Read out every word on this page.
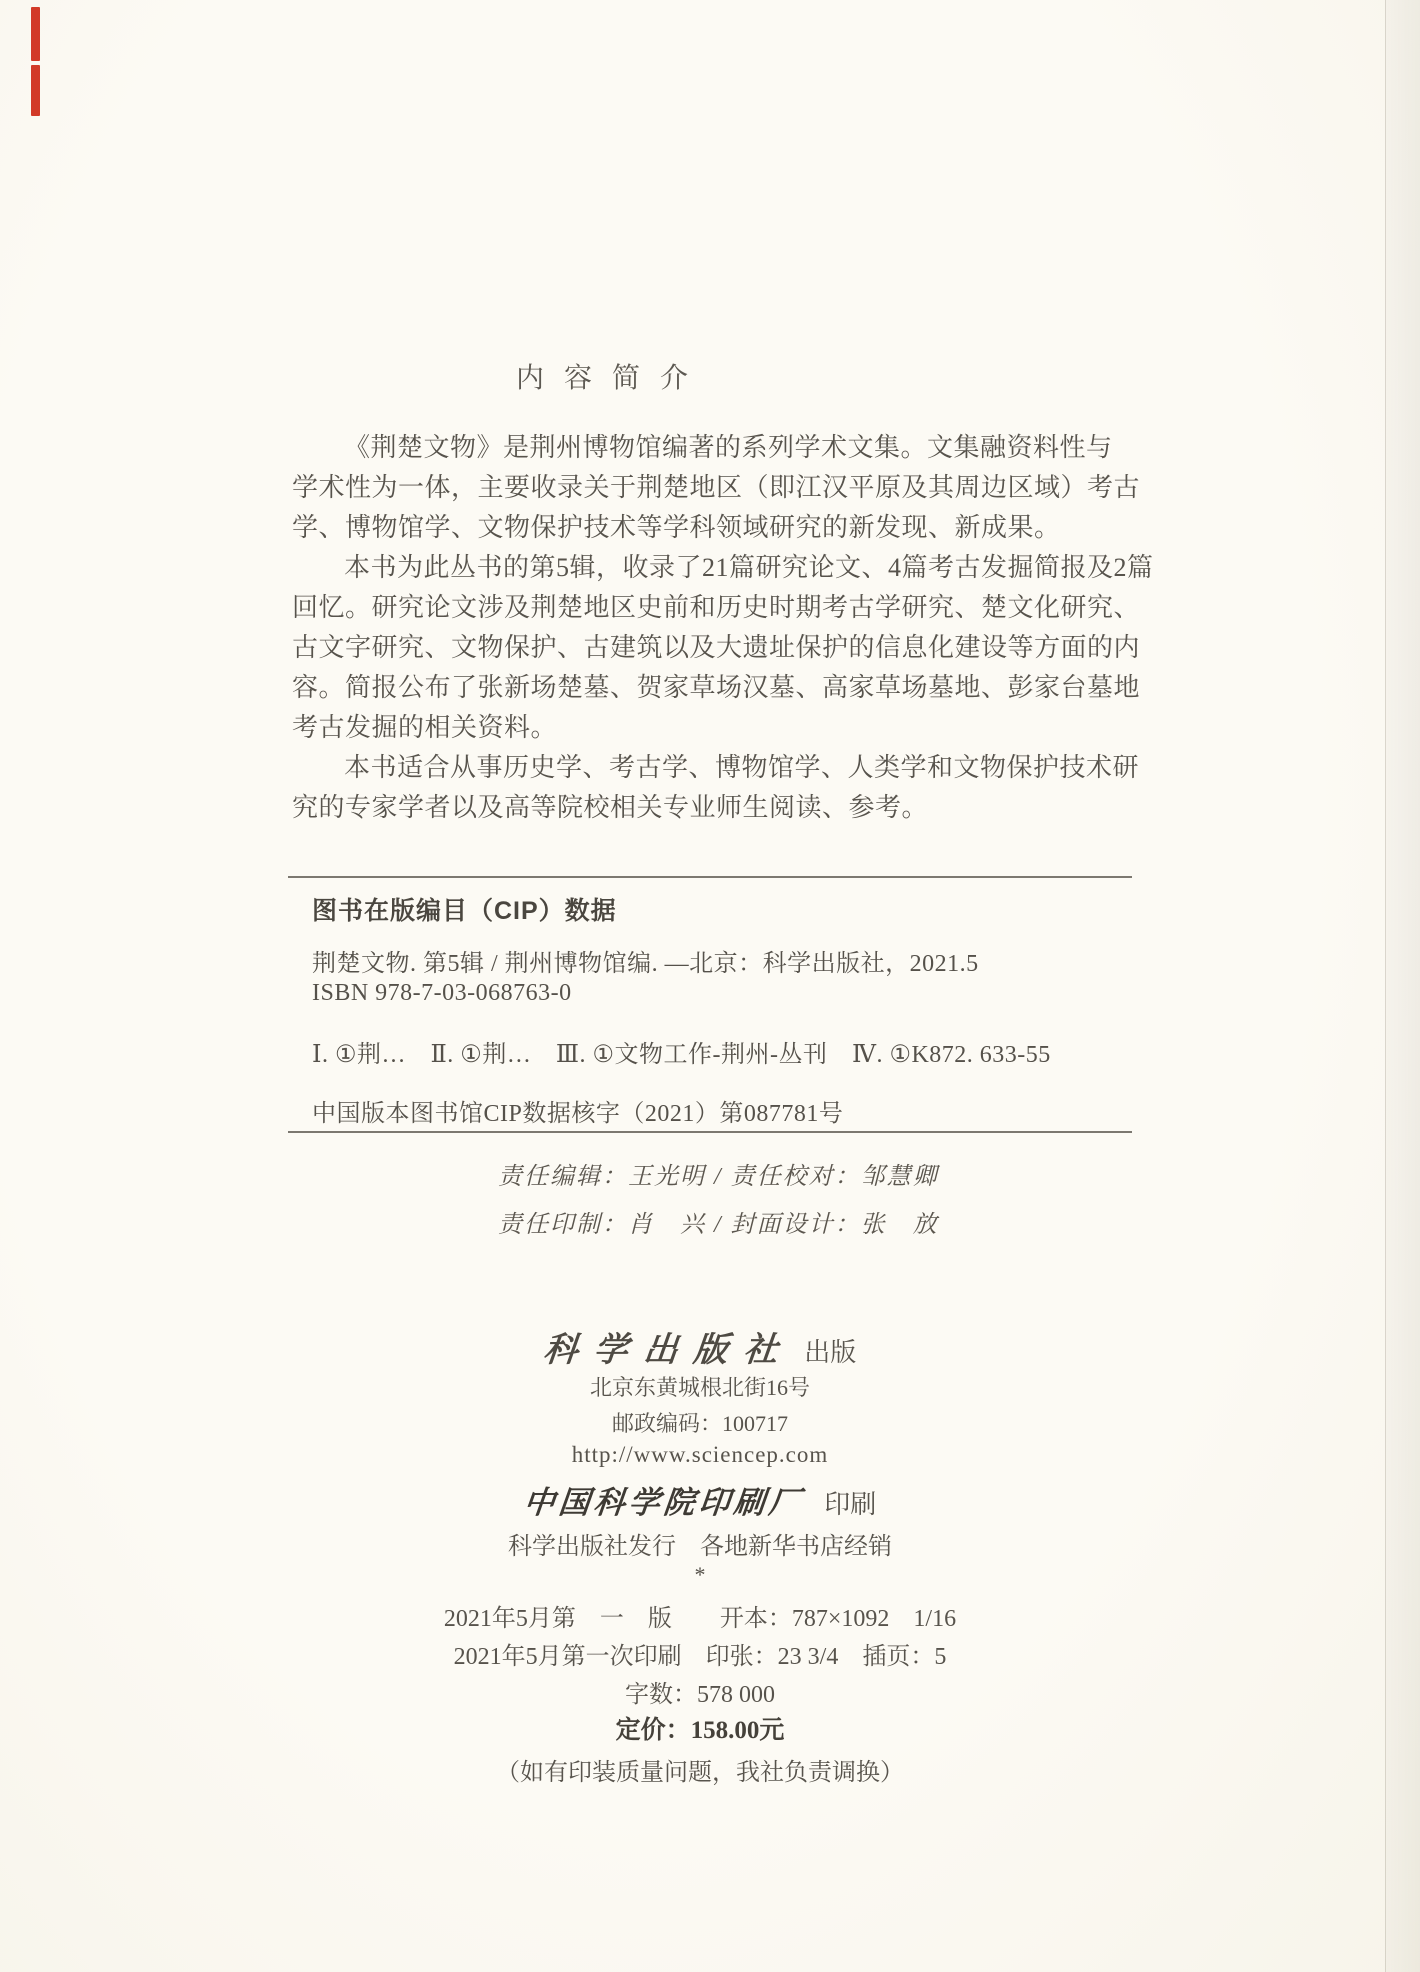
内容简介
《荆楚文物》是荆州博物馆编著的系列学术文集。文集融资料性与
学术性为一体，主要收录关于荆楚地区（即江汉平原及其周边区域）考古
学、博物馆学、文物保护技术等学科领域研究的新发现、新成果。
本书为此丛书的第5辑，收录了21篇研究论文、4篇考古发掘简报及2篇
回忆。研究论文涉及荆楚地区史前和历史时期考古学研究、楚文化研究、
古文字研究、文物保护、古建筑以及大遗址保护的信息化建设等方面的内
容。简报公布了张新场楚墓、贺家草场汉墓、高家草场墓地、彭家台墓地
考古发掘的相关资料。
本书适合从事历史学、考古学、博物馆学、人类学和文物保护技术研
究的专家学者以及高等院校相关专业师生阅读、参考。
图书在版编目（CIP）数据
荆楚文物. 第5辑 / 荆州博物馆编. —北京：科学出版社，2021.5
ISBN 978-7-03-068763-0
Ⅰ. ①荆…　Ⅱ. ①荆…　Ⅲ. ①文物工作-荆州-丛刊　Ⅳ. ①K872. 633-55
中国版本图书馆CIP数据核字（2021）第087781号
责任编辑：王光明 / 责任校对：邹慧卿
责任印制：肖　兴 / 封面设计：张　放
科学出版社 出版
北京东黄城根北街16号
邮政编码：100717
http://www.sciencep.com
中国科学院印刷厂 印刷
科学出版社发行　各地新华书店经销
*
2021年5月第　一　版　　开本：787×1092　1/16
2021年5月第一次印刷　印张：23 3/4　插页：5
字数：578 000
定价：158.00元
（如有印装质量问题，我社负责调换）
